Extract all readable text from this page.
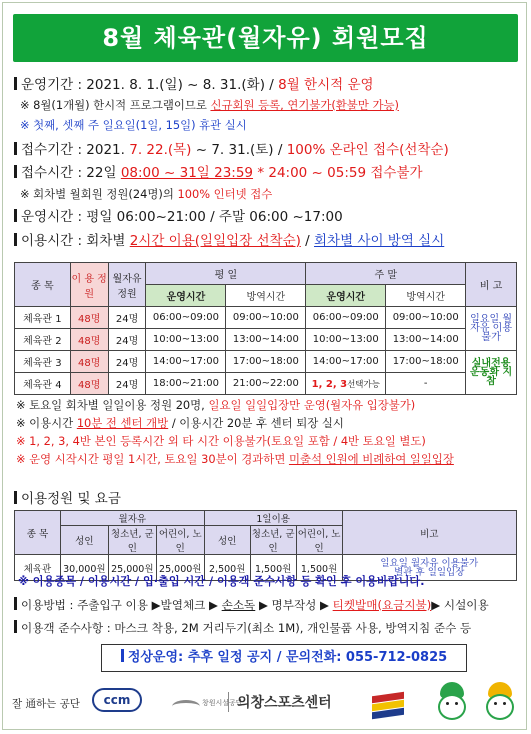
8월 체육관(월자유) 회원모집
운영기간 : 2021. 8. 1.(일) ~ 8. 31.(화) / 8월 한시적 운영
※ 8월(1개월) 한시적 프로그램이므로 신규회원 등록, 연기불가(환불만 가능)
※ 첫째, 셋째 주 일요일(1일, 15일) 휴관 실시
접수기간 : 2021. 7. 22.(목) ~ 7. 31.(토) / 100% 온라인 접수(선착순)
접수시간 : 22일 08:00 ~ 31일 23:59 * 24:00 ~ 05:59 접수불가
※ 회차별 월회원 정원(24명)의 100% 인터넷 접수
운영시간 : 평일 06:00~21:00 / 주말 06:00 ~17:00
이용시간 : 회차별 2시간 이용(일일입장 선착순) / 회차별 사이 방역 실시
종 목	이 용 정 원	월자유 정원	평 일		주 말		비 고
			운영시간	방역시간	운영시간	방역시간	
체육관 1	48명	24명	06:00~09:00	09:00~10:00	06:00~09:00	09:00~10:00	일요일 월자유 이용불가
체육관 2	48명	24명	10:00~13:00	13:00~14:00	10:00~13:00	13:00~14:00	
체육관 3	48명	24명	14:00~17:00	17:00~18:00	14:00~17:00	17:00~18:00	실내전용 운동화 지참
체육관 4	48명	24명	18:00~21:00	21:00~22:00	1, 2, 3선택가능	-	
※ 토요일 회차별 일일이용 정원 20명, 일요일 일일입장만 운영(월자유 입장불가)
※ 이용시간 10분 전 센터 개방 / 이용시간 20분 후 센터 퇴장 실시
※ 1, 2, 3, 4반 본인 등록시간 외 타 시간 이용불가(토요일 포함 / 4반 토요일 별도)
※ 운영 시작시간 평일 1시간, 토요일 30분이 경과하면 미출석 인원에 비례하여 일일입장
이용정원 및 요금
종 목	월자유			1일이용			비고
	성인	청소년, 군인	어린이, 노인	성인	청소년, 군인	어린이, 노인	
체육관	30,000원	25,000원	25,000원	2,500원	1,500원	1,500원	일요일 월자유 이용불가
별관 후 일일입장
※ 이용종목 / 이용시간 / 입·출입 시간 / 이용객 준수사항 등 확인 후 이용바랍니다.
이용방법 : 주출입구 이용 ▶발열체크 ▶ 손소독 ▶ 명부작성 ▶ 티켓발매(요금지불)▶ 시설이용
이용객 준수사항 : 마스크 착용, 2M 거리두기(최소 1M), 개인물품 사용, 방역지침 준수 등
정상운영: 추후 일정 공지 / 문의전화: 055-712-0825
잘 通하는 공단	ccm	창원시설공단
의창스포츠센터
